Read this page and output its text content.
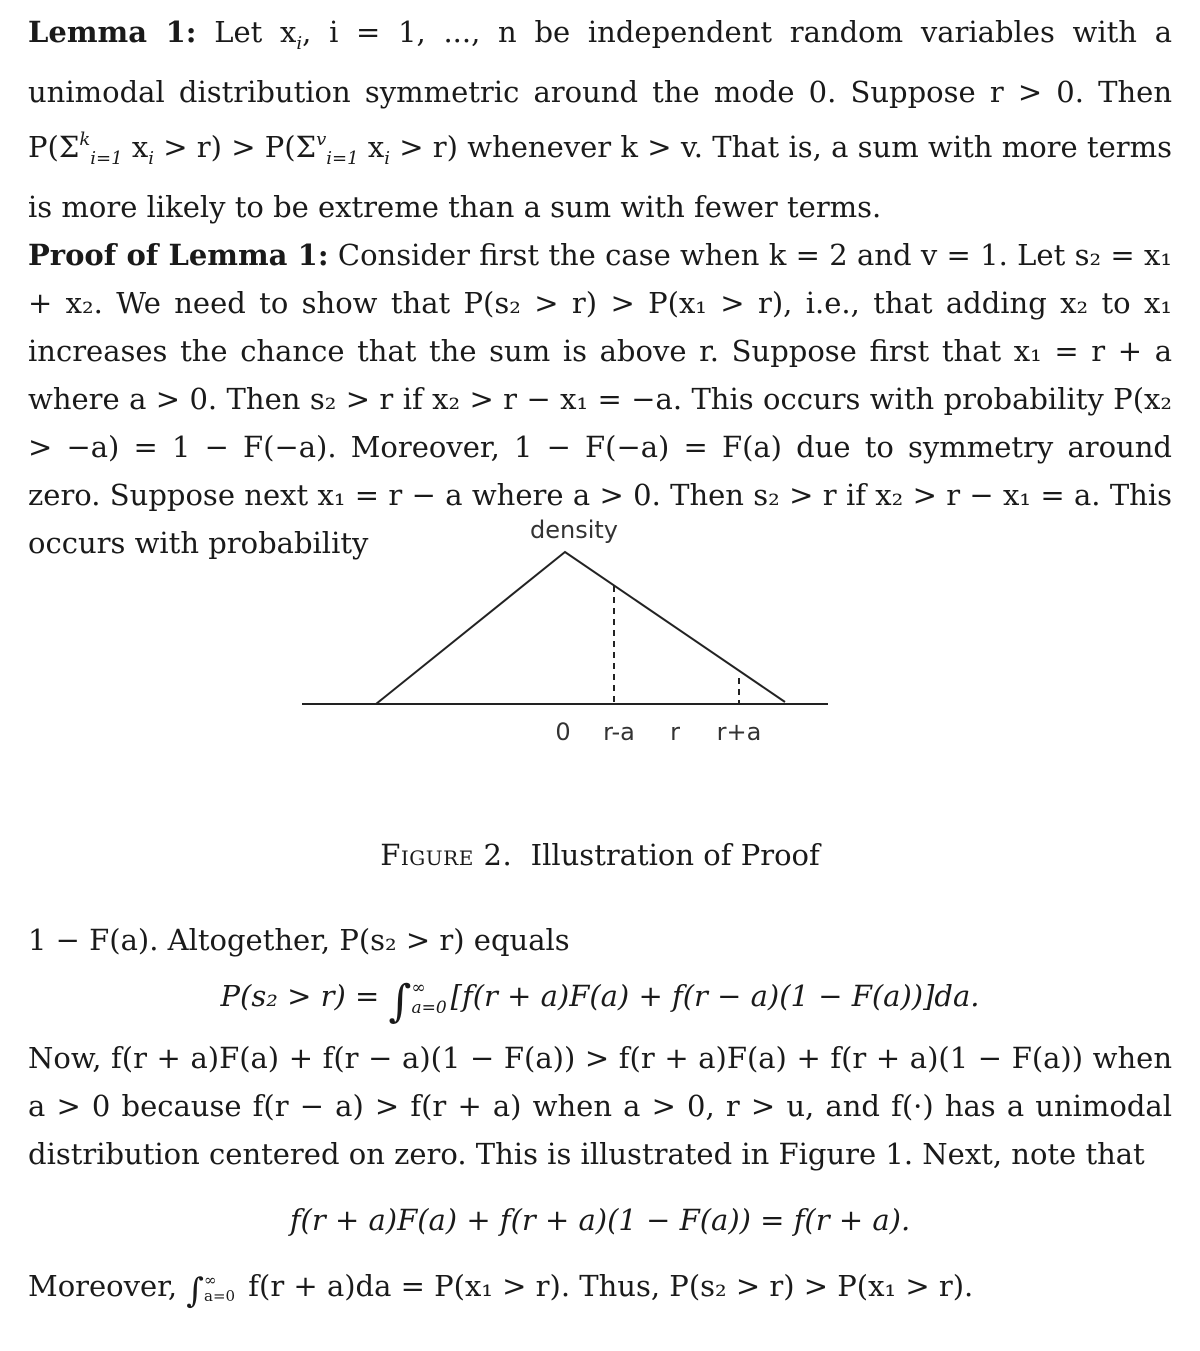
Lemma 1: Let $x_i$, i = 1, ..., n be independent random variables with a unimodal distribution symmetric around the mode 0. Suppose r > 0. Then $P(\Sigma^k_{i=1}$ $x_i > r) > P(\Sigma^v_{i=1}$ $x_i > r$) whenever k > v. That is, a sum with more terms is more likely to be extreme than a sum with fewer terms.

Proof of Lemma 1: Consider first the case when k = 2 and v = 1. Let s₂ = x₁ + x₂. We need to show that P(s₂ > r) > P(x₁ > r), i.e., that adding x₂ to x₁ increases the chance that the sum is above r. Suppose first that x₁ = r + a where a > 0. Then s₂ > r if x₂ > r − x₁ = −a. This occurs with probability P(x₂ > −a) = 1 − F(−a). Moreover, 1 − F(−a) = F(a) due to symmetry around zero. Suppose next x₁ = r − a where a > 0. Then s₂ > r if x₂ > r − x₁ = a. This occurs with probability	density
0 r-a r r+a
Figure 2. Illustration of Proof

1 − F(a). Altogether, P(s₂ > r) equals

P(s₂ > r) = ∫∞
a=0 [f(r + a)F(a) + f(r − a)(1 − F(a))]da.

Now, f(r + a)F(a) + f(r − a)(1 − F(a)) > f(r + a)F(a) + f(r + a)(1 − F(a)) when a > 0 because f(r − a) > f(r + a) when a > 0, r > u, and f(·) has a unimodal distribution centered on zero. This is illustrated in Figure 1. Next, note that

f(r + a)F(a) + f(r + a)(1 − F(a)) = f(r + a).

Moreover, ∫∞
a=0 f(r + a)da = P(x₁ > r). Thus, P(s₂ > r) > P(x₁ > r).
